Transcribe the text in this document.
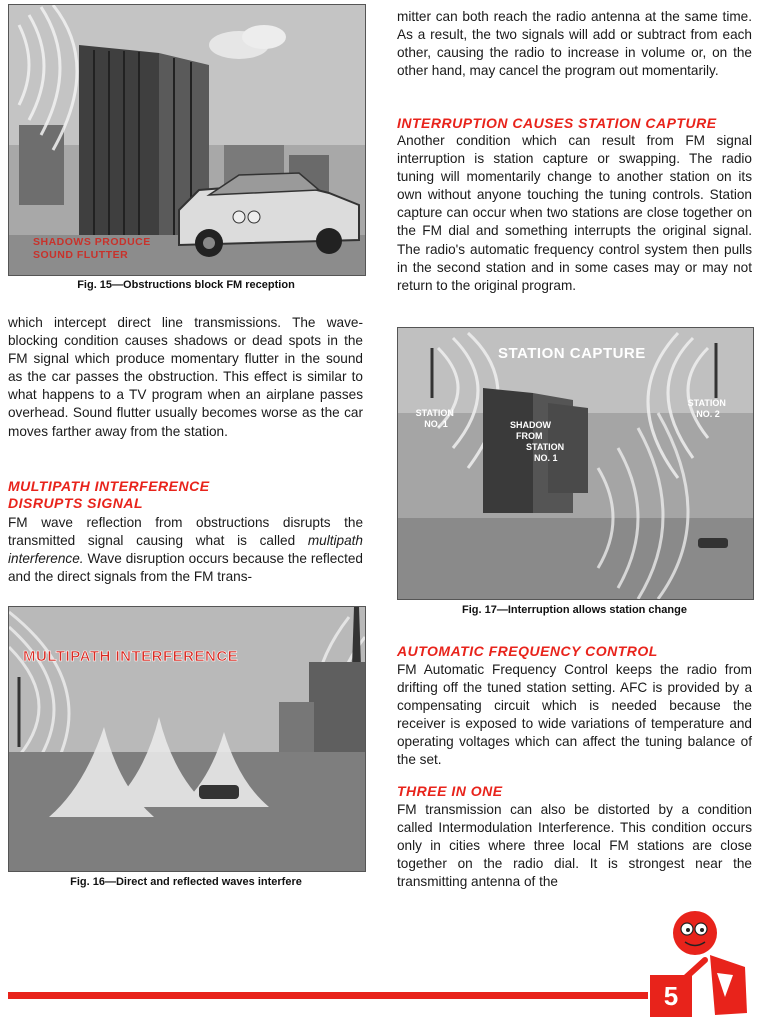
SHADOWS PRODUCE
SOUND FLUTTER
Fig. 15—Obstructions block FM reception

which intercept direct line transmissions. The wave-blocking condition causes shadows or dead spots in the FM signal which produce momentary flutter in the sound as the car passes the obstruction. This effect is similar to what happens to a TV program when an airplane passes overhead. Sound flutter usually becomes worse as the car moves farther away from the station.

MULTIPATH INTERFERENCE
DISRUPTS SIGNAL

FM wave reflection from obstructions disrupts the transmitted signal causing what is called multipath interference. Wave disruption occurs because the reflected and the direct signals from the FM trans-

MULTIPATH INTERFERENCE
Fig. 16—Direct and reflected waves interfere

mitter can both reach the radio antenna at the same time. As a result, the two signals will add or subtract from each other, causing the radio to increase in volume or, on the other hand, may cancel the program out momentarily.

INTERRUPTION CAUSES STATION CAPTURE

Another condition which can result from FM signal interruption is station capture or swapping. The radio tuning will momentarily change to another station on its own without anyone touching the tuning controls. Station capture can occur when two stations are close together on the FM dial and something interrupts the original signal. The radio's automatic frequency control system then pulls in the second station and in some cases may or may not return to the original program.

STATION CAPTURE
STATION NO. 1
STATION NO. 2
SHADOW FROM STATION NO. 1
Fig. 17—Interruption allows station change
AUTOMATIC FREQUENCY CONTROL

FM Automatic Frequency Control keeps the radio from drifting off the tuned station setting. AFC is provided by a compensating circuit which is needed because the receiver is exposed to wide variations of temperature and operating voltages which can affect the tuning balance of the set.

THREE IN ONE

FM transmission can also be distorted by a condition called Intermodulation Interference. This condition occurs only in cities where three local FM stations are close together on the radio dial. It is strongest near the transmitting antenna of the

5
